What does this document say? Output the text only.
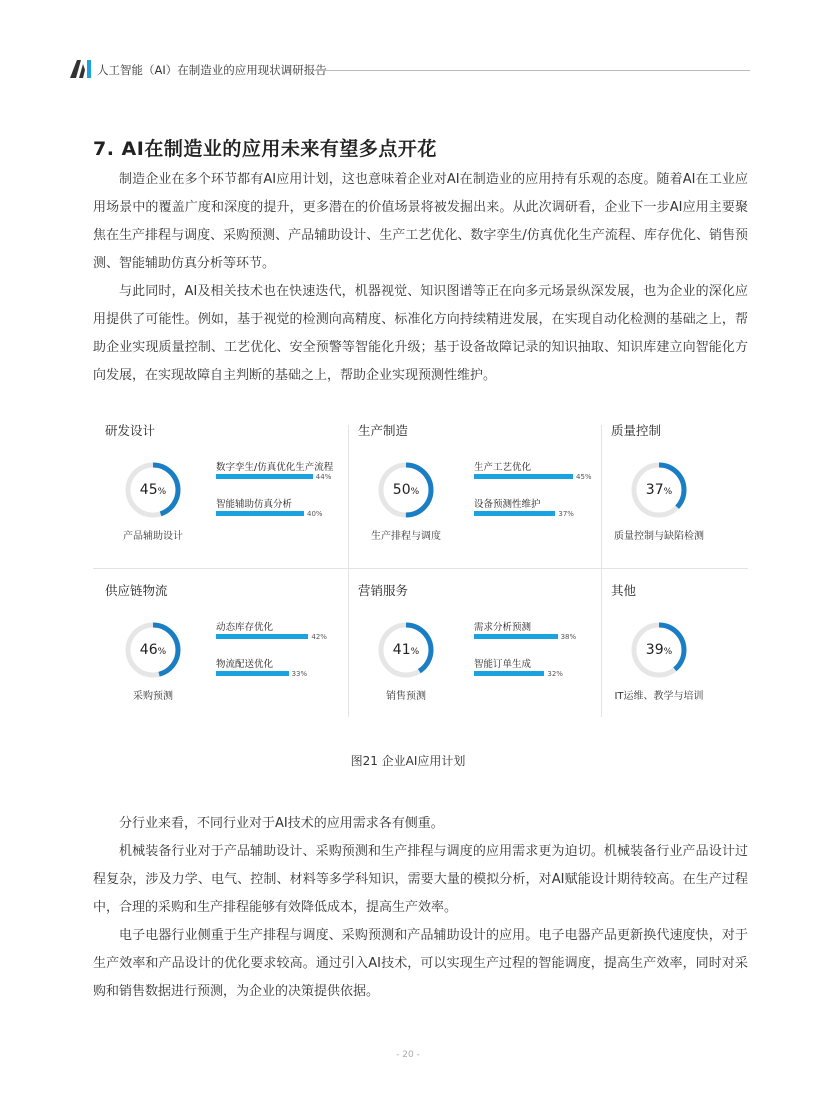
人工智能（AI）在制造业的应用现状调研报告
7. AI在制造业的应用未来有望多点开花

制造企业在多个环节都有AI应用计划，这也意味着企业对AI在制造业的应用持有乐观的态度。随着AI在工业应用场景中的覆盖广度和深度的提升，更多潜在的价值场景将被发掘出来。从此次调研看，企业下一步AI应用主要聚焦在生产排程与调度、采购预测、产品辅助设计、生产工艺优化、数字孪生/仿真优化生产流程、库存优化、销售预测、智能辅助仿真分析等环节。

与此同时，AI及相关技术也在快速迭代，机器视觉、知识图谱等正在向多元场景纵深发展，也为企业的深化应用提供了可能性。例如，基于视觉的检测向高精度、标准化方向持续精进发展，在实现自动化检测的基础之上，帮助企业实现质量控制、工艺优化、安全预警等智能化升级；基于设备故障记录的知识抽取、知识库建立向智能化方向发展，在实现故障自主判断的基础之上，帮助企业实现预测性维护。

研发设计
45%
产品辅助设计
数字孪生/仿真优化生产流程
44%
智能辅助仿真分析
40%
生产制造
50%
生产排程与调度
生产工艺优化
45%
设备预测性维护
37%
质量控制
37%
质量控制与缺陷检测
供应链物流
46%
采购预测
动态库存优化
42%
物流配送优化
33%
营销服务
41%
销售预测
需求分析预测
38%
智能订单生成
32%
其他
39%
IT运维、教学与培训
图21 企业AI应用计划

分行业来看，不同行业对于AI技术的应用需求各有侧重。

机械装备行业对于产品辅助设计、采购预测和生产排程与调度的应用需求更为迫切。机械装备行业产品设计过程复杂，涉及力学、电气、控制、材料等多学科知识，需要大量的模拟分析，对AI赋能设计期待较高。在生产过程中，合理的采购和生产排程能够有效降低成本，提高生产效率。

电子电器行业侧重于生产排程与调度、采购预测和产品辅助设计的应用。电子电器产品更新换代速度快，对于生产效率和产品设计的优化要求较高。通过引入AI技术，可以实现生产过程的智能调度，提高生产效率，同时对采购和销售数据进行预测，为企业的决策提供依据。

- 20 -
